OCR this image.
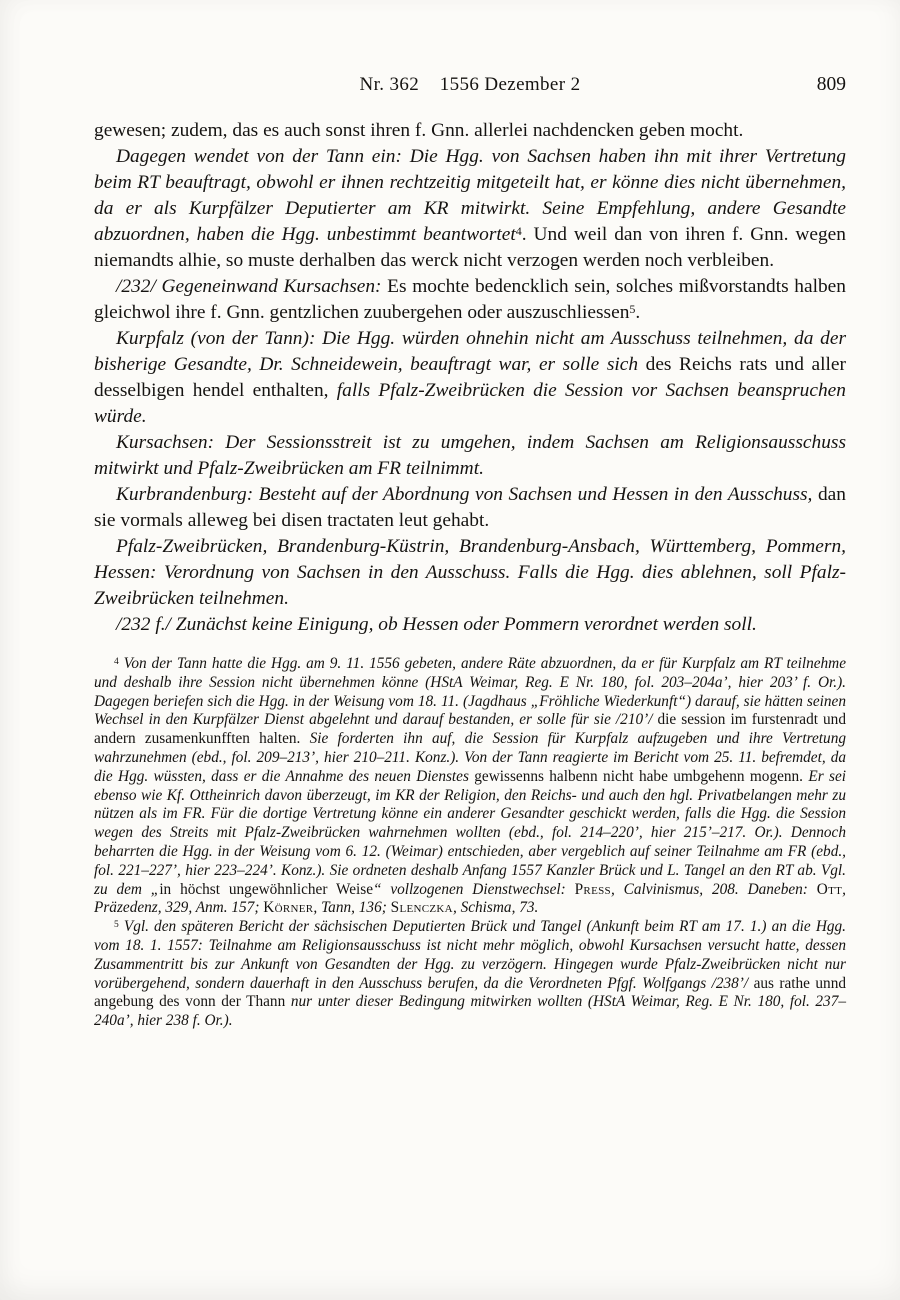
Nr. 362    1556 Dezember 2	809

gewesen; zudem, das es auch sonst ihren f. Gnn. allerlei nachdencken geben mocht.

Dagegen wendet von der Tann ein: Die Hgg. von Sachsen haben ihn mit ihrer Vertretung beim RT beauftragt, obwohl er ihnen rechtzeitig mitgeteilt hat, er könne dies nicht übernehmen, da er als Kurpfälzer Deputierter am KR mitwirkt. Seine Empfehlung, andere Gesandte abzuordnen, haben die Hgg. unbestimmt beantwortet$^4$. Und weil dan von ihren f. Gnn. wegen niemandts alhie, so muste derhalben das werck nicht verzogen werden noch verbleiben.

/232/ Gegeneinwand Kursachsen: Es mochte bedencklich sein, solches mißvorstandts halben gleichwol ihre f. Gnn. gentzlichen zuubergehen oder auszuschliessen$^5$.

Kurpfalz (von der Tann): Die Hgg. würden ohnehin nicht am Ausschuss teilnehmen, da der bisherige Gesandte, Dr. Schneidewein, beauftragt war, er solle sich des Reichs rats und aller desselbigen hendel enthalten, falls Pfalz-Zweibrücken die Session vor Sachsen beanspruchen würde.

Kursachsen: Der Sessionsstreit ist zu umgehen, indem Sachsen am Religionsausschuss mitwirkt und Pfalz-Zweibrücken am FR teilnimmt.

Kurbrandenburg: Besteht auf der Abordnung von Sachsen und Hessen in den Ausschuss, dan sie vormals alleweg bei disen tractaten leut gehabt.

Pfalz-Zweibrücken, Brandenburg-Küstrin, Brandenburg-Ansbach, Württemberg, Pommern, Hessen: Verordnung von Sachsen in den Ausschuss. Falls die Hgg. dies ablehnen, soll Pfalz-Zweibrücken teilnehmen.

/232 f./ Zunächst keine Einigung, ob Hessen oder Pommern verordnet werden soll.

$^4$ Von der Tann hatte die Hgg. am 9. 11. 1556 gebeten, andere Räte abzuordnen, da er für Kurpfalz am RT teilnehme und deshalb ihre Session nicht übernehmen könne (HStA Weimar, Reg. E Nr. 180, fol. 203–204a’, hier 203’ f. Or.). Dagegen beriefen sich die Hgg. in der Weisung vom 18. 11. (Jagdhaus „Fröhliche Wiederkunft“) darauf, sie hätten seinen Wechsel in den Kurpfälzer Dienst abgelehnt und darauf bestanden, er solle für sie /210’/ die session im furstenradt und andern zusamenkunfften halten. Sie forderten ihn auf, die Session für Kurpfalz aufzugeben und ihre Vertretung wahrzunehmen (ebd., fol. 209–213’, hier 210–211. Konz.). Von der Tann reagierte im Bericht vom 25. 11. befremdet, da die Hgg. wüssten, dass er die Annahme des neuen Dienstes gewissenns halbenn nicht habe umbgehenn mogenn. Er sei ebenso wie Kf. Ottheinrich davon überzeugt, im KR der Religion, den Reichs- und auch den hgl. Privatbelangen mehr zu nützen als im FR. Für die dortige Vertretung könne ein anderer Gesandter geschickt werden, falls die Hgg. die Session wegen des Streits mit Pfalz-Zweibrücken wahrnehmen wollten (ebd., fol. 214–220’, hier 215’–217. Or.). Dennoch beharrten die Hgg. in der Weisung vom 6. 12. (Weimar) entschieden, aber vergeblich auf seiner Teilnahme am FR (ebd., fol. 221–227’, hier 223–224’. Konz.). Sie ordneten deshalb Anfang 1557 Kanzler Brück und L. Tangel an den RT ab. Vgl. zu dem „in höchst ungewöhnlicher Weise“ vollzogenen Dienstwechsel: Press, Calvinismus, 208. Daneben: Ott, Präzedenz, 329, Anm. 157; Körner, Tann, 136; Slenczka, Schisma, 73.

$^5$ Vgl. den späteren Bericht der sächsischen Deputierten Brück und Tangel (Ankunft beim RT am 17. 1.) an die Hgg. vom 18. 1. 1557: Teilnahme am Religionsausschuss ist nicht mehr möglich, obwohl Kursachsen versucht hatte, dessen Zusammentritt bis zur Ankunft von Gesandten der Hgg. zu verzögern. Hingegen wurde Pfalz-Zweibrücken nicht nur vorübergehend, sondern dauerhaft in den Ausschuss berufen, da die Verordneten Pfgf. Wolfgangs /238’/ aus rathe unnd angebung des vonn der Thann nur unter dieser Bedingung mitwirken wollten (HStA Weimar, Reg. E Nr. 180, fol. 237–240a’, hier 238 f. Or.).
